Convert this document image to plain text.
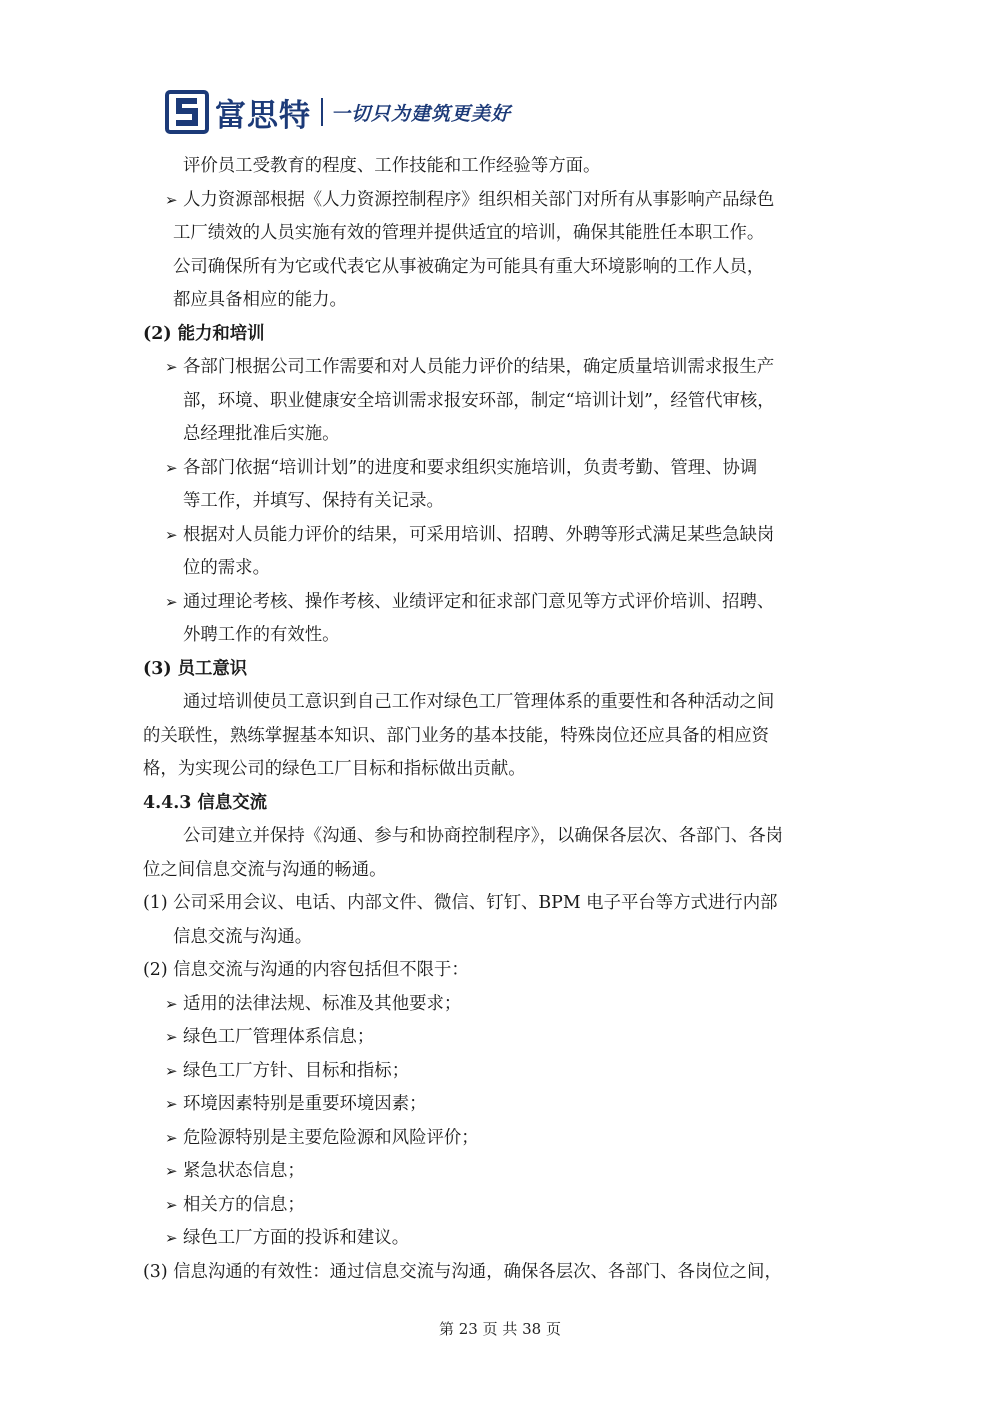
富思特 一切只为建筑更美好
评价员工受教育的程度、工作技能和工作经验等方面。
➢ 人力资源部根据《人力资源控制程序》组织相关部门对所有从事影响产品绿色
工厂绩效的人员实施有效的管理并提供适宜的培训，确保其能胜任本职工作。
公司确保所有为它或代表它从事被确定为可能具有重大环境影响的工作人员，
都应具备相应的能力。
(2) 能力和培训
➢ 各部门根据公司工作需要和对人员能力评价的结果，确定质量培训需求报生产
部，环境、职业健康安全培训需求报安环部，制定“培训计划”，经管代审核，
总经理批准后实施。
➢ 各部门依据“培训计划”的进度和要求组织实施培训，负责考勤、管理、协调
等工作，并填写、保持有关记录。
➢ 根据对人员能力评价的结果，可采用培训、招聘、外聘等形式满足某些急缺岗
位的需求。
➢ 通过理论考核、操作考核、业绩评定和征求部门意见等方式评价培训、招聘、
外聘工作的有效性。
(3) 员工意识
通过培训使员工意识到自己工作对绿色工厂管理体系的重要性和各种活动之间
的关联性，熟练掌握基本知识、部门业务的基本技能，特殊岗位还应具备的相应资
格，为实现公司的绿色工厂目标和指标做出贡献。
4.4.3 信息交流
公司建立并保持《沟通、参与和协商控制程序》，以确保各层次、各部门、各岗
位之间信息交流与沟通的畅通。
(1) 公司采用会议、电话、内部文件、微信、钉钉、BPM 电子平台等方式进行内部
信息交流与沟通。
(2) 信息交流与沟通的内容包括但不限于：
➢ 适用的法律法规、标准及其他要求；
➢ 绿色工厂管理体系信息；
➢ 绿色工厂方针、目标和指标；
➢ 环境因素特别是重要环境因素；
➢ 危险源特别是主要危险源和风险评价；
➢ 紧急状态信息；
➢ 相关方的信息；
➢ 绿色工厂方面的投诉和建议。
(3) 信息沟通的有效性：通过信息交流与沟通，确保各层次、各部门、各岗位之间，
第 23 页 共 38 页
